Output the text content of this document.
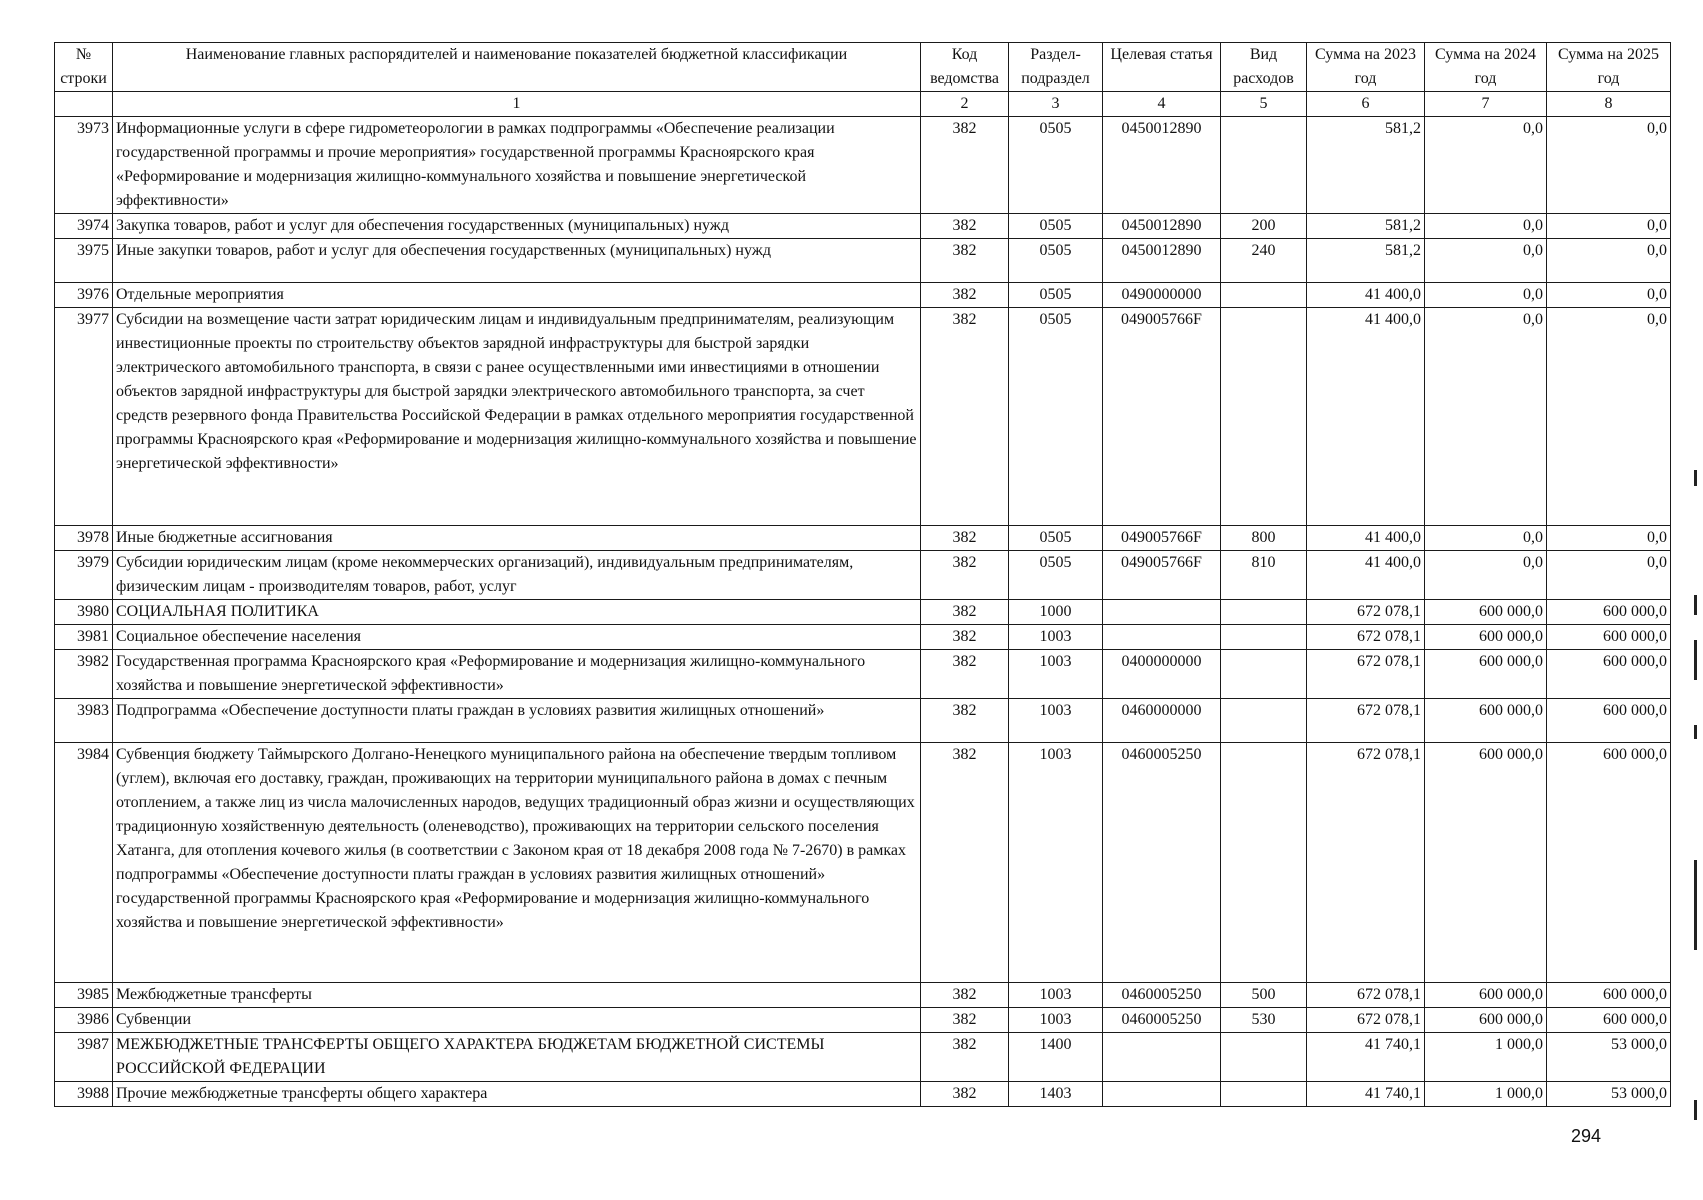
№ строки	Наименование главных распорядителей и наименование показателей бюджетной классификации	Код ведомства	Раздел-подраздел	Целевая статья	Вид расходов	Сумма на 2023 год	Сумма на 2024 год	Сумма на 2025 год
	1	2	3	4	5	6	7	8
3973	Информационные услуги в сфере гидрометеорологии в рамках подпрограммы «Обеспечение реализации государственной программы и прочие мероприятия» государственной программы Красноярского края «Реформирование и модернизация жилищно-коммунального хозяйства и повышение энергетической эффективности»	382	0505	0450012890		581,2	0,0	0,0
3974	Закупка товаров, работ и услуг для обеспечения государственных (муниципальных) нужд	382	0505	0450012890	200	581,2	0,0	0,0
3975	Иные закупки товаров, работ и услуг для обеспечения государственных (муниципальных) нужд	382	0505	0450012890	240	581,2	0,0	0,0
3976	Отдельные мероприятия	382	0505	0490000000		41 400,0	0,0	0,0
3977	Субсидии на возмещение части затрат юридическим лицам и индивидуальным предпринимателям, реализующим инвестиционные проекты по строительству объектов зарядной инфраструктуры для быстрой зарядки электрического автомобильного транспорта, в связи с ранее осуществленными ими инвестициями в отношении объектов зарядной инфраструктуры для быстрой зарядки электрического автомобильного транспорта, за счет средств резервного фонда Правительства Российской Федерации в рамках отдельного мероприятия государственной программы Красноярского края «Реформирование и модернизация жилищно-коммунального хозяйства и повышение энергетической эффективности»	382	0505	049005766F		41 400,0	0,0	0,0
3978	Иные бюджетные ассигнования	382	0505	049005766F	800	41 400,0	0,0	0,0
3979	Субсидии юридическим лицам (кроме некоммерческих организаций), индивидуальным предпринимателям, физическим лицам - производителям товаров, работ, услуг	382	0505	049005766F	810	41 400,0	0,0	0,0
3980	СОЦИАЛЬНАЯ ПОЛИТИКА	382	1000			672 078,1	600 000,0	600 000,0
3981	Социальное обеспечение населения	382	1003			672 078,1	600 000,0	600 000,0
3982	Государственная программа Красноярского края «Реформирование и модернизация жилищно-коммунального хозяйства и повышение энергетической эффективности»	382	1003	0400000000		672 078,1	600 000,0	600 000,0
3983	Подпрограмма «Обеспечение доступности платы граждан в условиях развития жилищных отношений»	382	1003	0460000000		672 078,1	600 000,0	600 000,0
3984	Субвенция бюджету Таймырского Долгано-Ненецкого муниципального района на обеспечение твердым топливом (углем), включая его доставку, граждан, проживающих на территории муниципального района в домах с печным отоплением, а также лиц из числа малочисленных народов, ведущих традиционный образ жизни и осуществляющих традиционную хозяйственную деятельность (оленеводство), проживающих на территории сельского поселения Хатанга, для отопления кочевого жилья (в соответствии с Законом края от 18 декабря 2008 года № 7-2670) в рамках подпрограммы «Обеспечение доступности платы граждан в условиях развития жилищных отношений» государственной программы Красноярского края «Реформирование и модернизация жилищно-коммунального хозяйства и повышение энергетической эффективности»	382	1003	0460005250		672 078,1	600 000,0	600 000,0
3985	Межбюджетные трансферты	382	1003	0460005250	500	672 078,1	600 000,0	600 000,0
3986	Субвенции	382	1003	0460005250	530	672 078,1	600 000,0	600 000,0
3987	МЕЖБЮДЖЕТНЫЕ ТРАНСФЕРТЫ ОБЩЕГО ХАРАКТЕРА БЮДЖЕТАМ БЮДЖЕТНОЙ СИСТЕМЫ РОССИЙСКОЙ ФЕДЕРАЦИИ	382	1400			41 740,1	1 000,0	53 000,0
3988	Прочие межбюджетные трансферты общего характера	382	1403			41 740,1	1 000,0	53 000,0
294
